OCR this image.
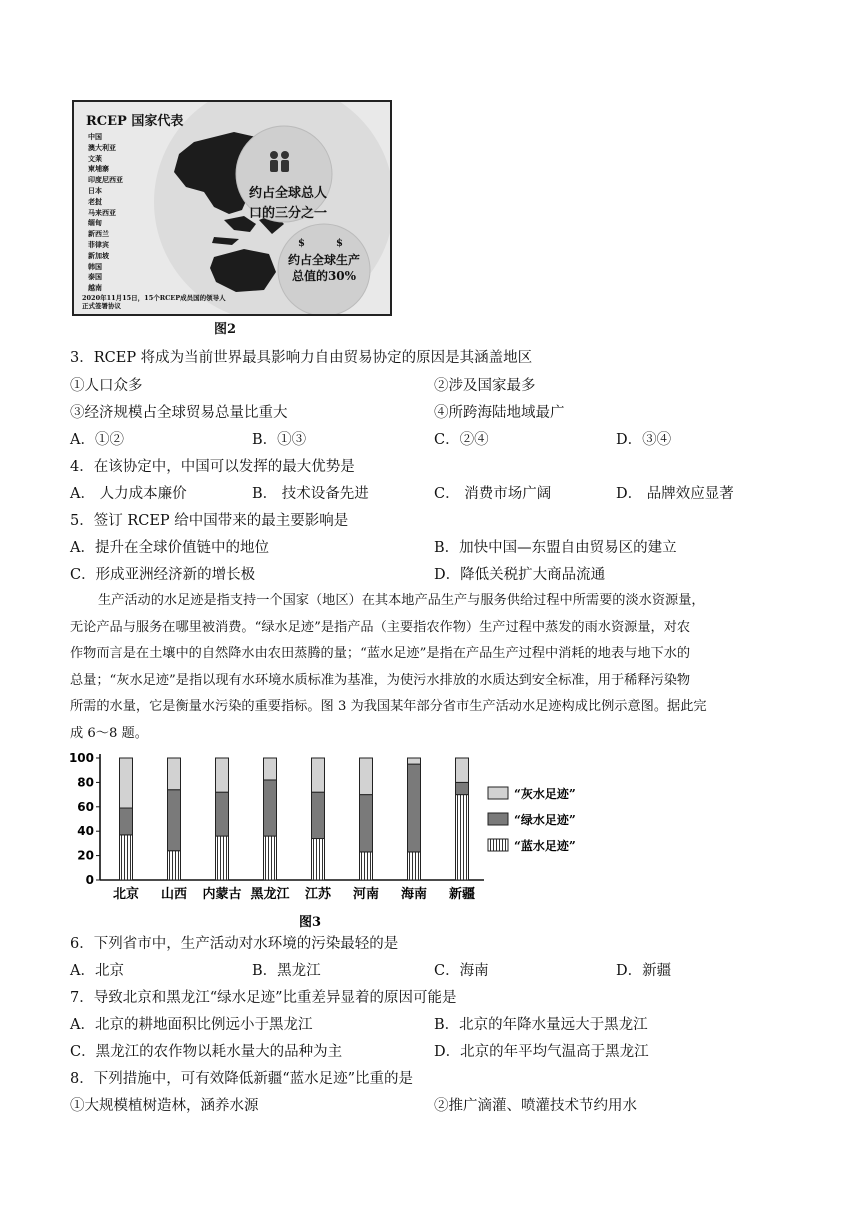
RCEP 国家代表
中国
澳大利亚
文莱
柬埔寨
印度尼西亚
日本
老挝
马来西亚
缅甸
新西兰
菲律宾
新加坡
韩国
泰国
越南
约占全球总人口的三分之一
$	$
约占全球生产总值的30%
2020年11月15日，15个RCEP成员国的领导人正式签署协议
图2
3．RCEP 将成为当前世界最具影响力自由贸易协定的原因是其涵盖地区
①人口众多	②涉及国家最多
③经济规模占全球贸易总量比重大	④所跨海陆地域最广
A．①②	B．①③	C．②④	D．③④
4．在该协定中，中国可以发挥的最大优势是
A． 人力成本廉价	B． 技术设备先进	C． 消费市场广阔	D． 品牌效应显著
5．签订 RCEP 给中国带来的最主要影响是
A．提升在全球价值链中的地位	B．加快中国—东盟自由贸易区的建立
C．形成亚洲经济新的增长极	D．降低关税扩大商品流通
生产活动的水足迹是指支持一个国家（地区）在其本地产品生产与服务供给过程中所需要的淡水资源量，
无论产品与服务在哪里被消费。“绿水足迹”是指产品（主要指农作物）生产过程中蒸发的雨水资源量，对农
作物而言是在土壤中的自然降水由农田蒸腾的量；“蓝水足迹”是指在产品生产过程中消耗的地表与地下水的
总量；“灰水足迹”是指以现有水环境水质标准为基准，为使污水排放的水质达到安全标准，用于稀释污染物
所需的水量，它是衡量水污染的重要指标。图 3 为我国某年部分省市生产活动水足迹构成比例示意图。据此完
成 6～8 题。
0
20
40
60
80
100
北京 山西 内蒙古 黑龙江 江苏 河南 海南 新疆
“灰水足迹”
“绿水足迹”
“蓝水足迹”
图3
6．下列省市中，生产活动对水环境的污染最轻的是
A．北京	B．黑龙江	C．海南	D．新疆
7．导致北京和黑龙江“绿水足迹”比重差异显着的原因可能是
A．北京的耕地面积比例远小于黑龙江	B．北京的年降水量远大于黑龙江
C．黑龙江的农作物以耗水量大的品种为主	D．北京的年平均气温高于黑龙江
8．下列措施中，可有效降低新疆“蓝水足迹”比重的是
①大规模植树造林，涵养水源	②推广滴灌、喷灌技术节约用水
